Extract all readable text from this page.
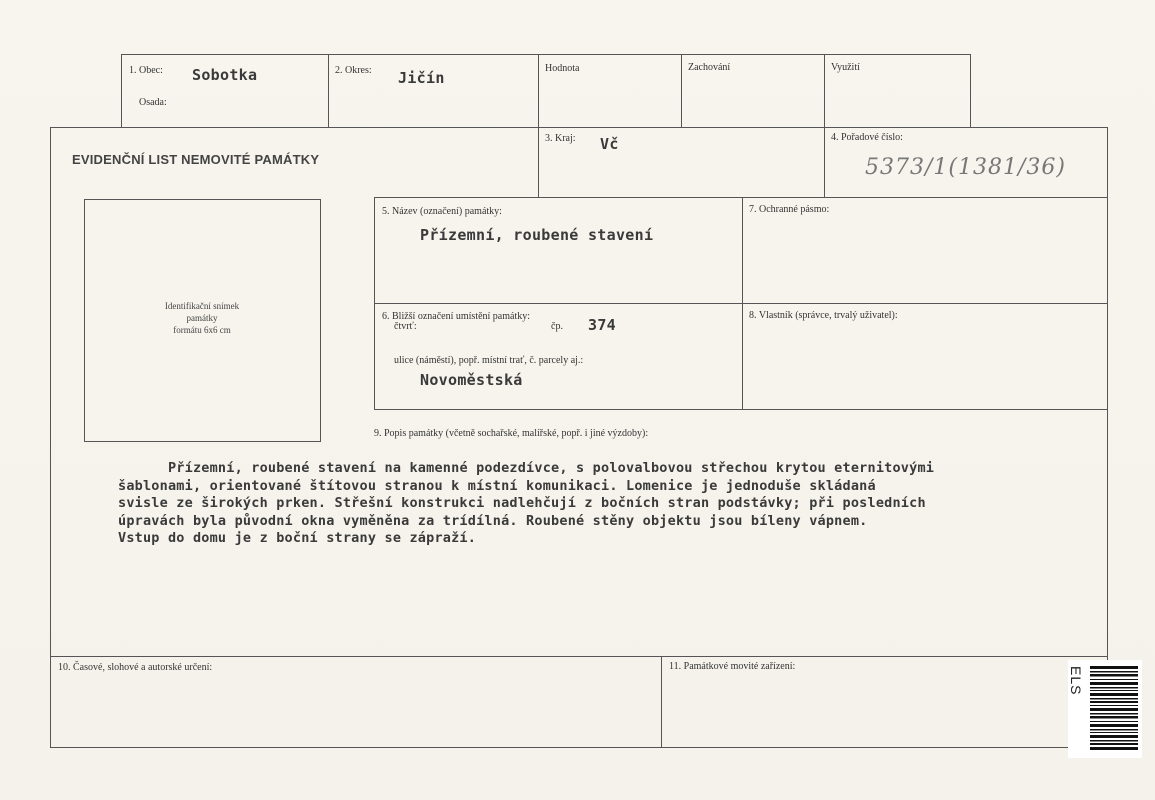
1. Obec: Sobotka
Osada:
2. Okres: Jičín
Hodnota	Zachování	Využití
EVIDENČNÍ LIST NEMOVITÉ PAMÁTKY
3. Kraj: Vč	4. Pořadové číslo:
5373/1(1381/36)
Identifikační snímek
památky
formátu 6x6 cm
5. Název (označení) památky:
Přízemní, roubené stavení
7. Ochranné pásmo:
6. Bližší označení umístění památky:
čtvrť:	čp. 374
ulice (náměstí), popř. místní trať, č. parcely aj.:
Novoměstská
8. Vlastník (správce, trvalý uživatel):
9. Popis památky (včetně sochařské, malířské, popř. i jiné výzdoby):
Přízemní, roubené stavení na kamenné podezdívce, s polovalbovou střechou krytou eternitovými
šablonami, orientované štítovou stranou k místní komunikaci. Lomenice je jednoduše skládaná
svisle ze širokých prken. Střešní konstrukci nadlehčují z bočních stran podstávky; při posledních
úpravách byla původní okna vyměněna za trídílná. Roubené stěny objektu jsou bíleny vápnem.
Vstup do domu je z boční strany se zápraží.
10. Časové, slohové a autorské určení:	11. Památkové movité zařízení:	ELS
